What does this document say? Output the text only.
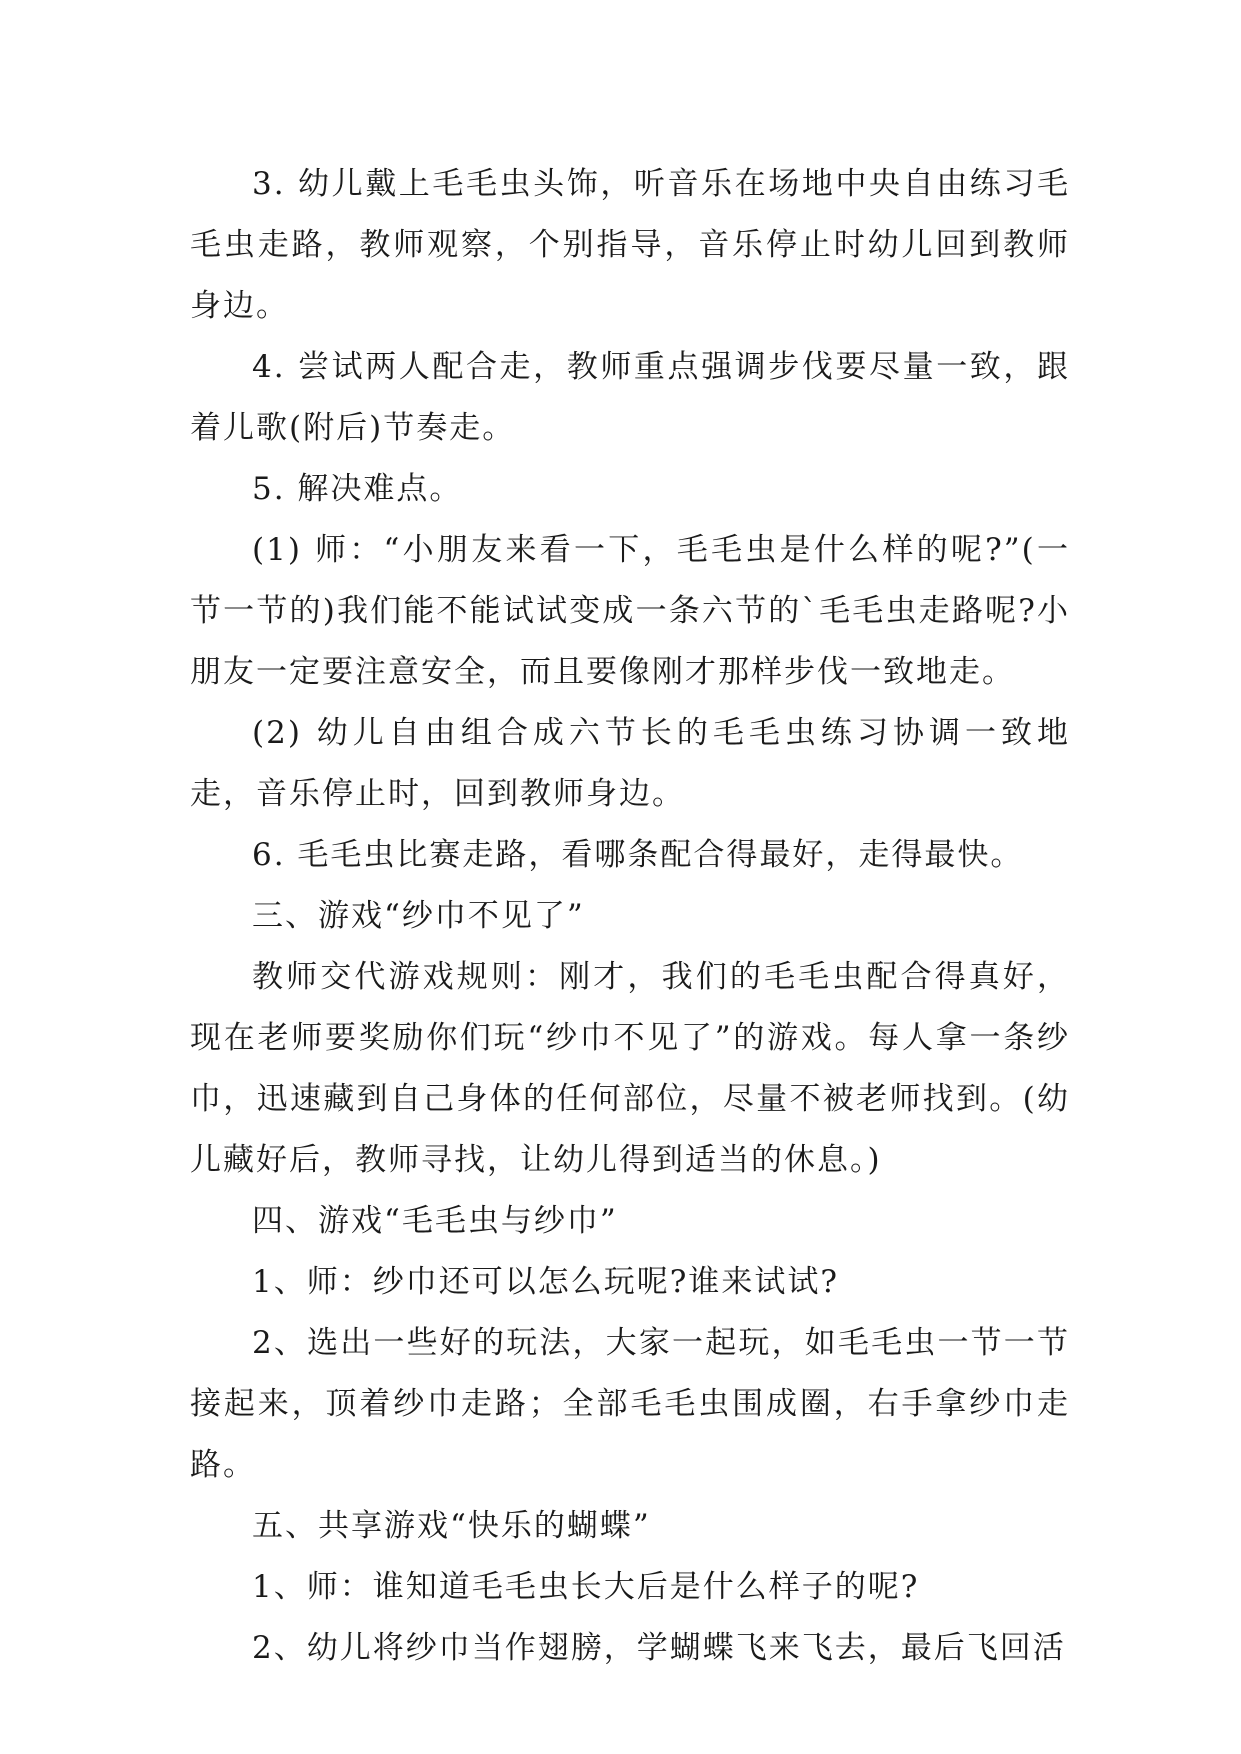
3. 幼儿戴上毛毛虫头饰，听音乐在场地中央自由练习毛毛虫走路，教师观察，个别指导，音乐停止时幼儿回到教师身边。

4. 尝试两人配合走，教师重点强调步伐要尽量一致，跟着儿歌(附后)节奏走。

5. 解决难点。

(1) 师：“小朋友来看一下，毛毛虫是什么样的呢?”(一节一节的)我们能不能试试变成一条六节的`毛毛虫走路呢?小朋友一定要注意安全，而且要像刚才那样步伐一致地走。

(2) 幼儿自由组合成六节长的毛毛虫练习协调一致地走，音乐停止时，回到教师身边。

6. 毛毛虫比赛走路，看哪条配合得最好，走得最快。

三、游戏“纱巾不见了”

教师交代游戏规则：刚才，我们的毛毛虫配合得真好，现在老师要奖励你们玩“纱巾不见了”的游戏。每人拿一条纱巾，迅速藏到自己身体的任何部位，尽量不被老师找到。(幼儿藏好后，教师寻找，让幼儿得到适当的休息。)

四、游戏“毛毛虫与纱巾”

1、师：纱巾还可以怎么玩呢?谁来试试?

2、选出一些好的玩法，大家一起玩，如毛毛虫一节一节接起来，顶着纱巾走路；全部毛毛虫围成圈，右手拿纱巾走路。

五、共享游戏“快乐的蝴蝶”

1、师：谁知道毛毛虫长大后是什么样子的呢?

2、幼儿将纱巾当作翅膀，学蝴蝶飞来飞去，最后飞回活
